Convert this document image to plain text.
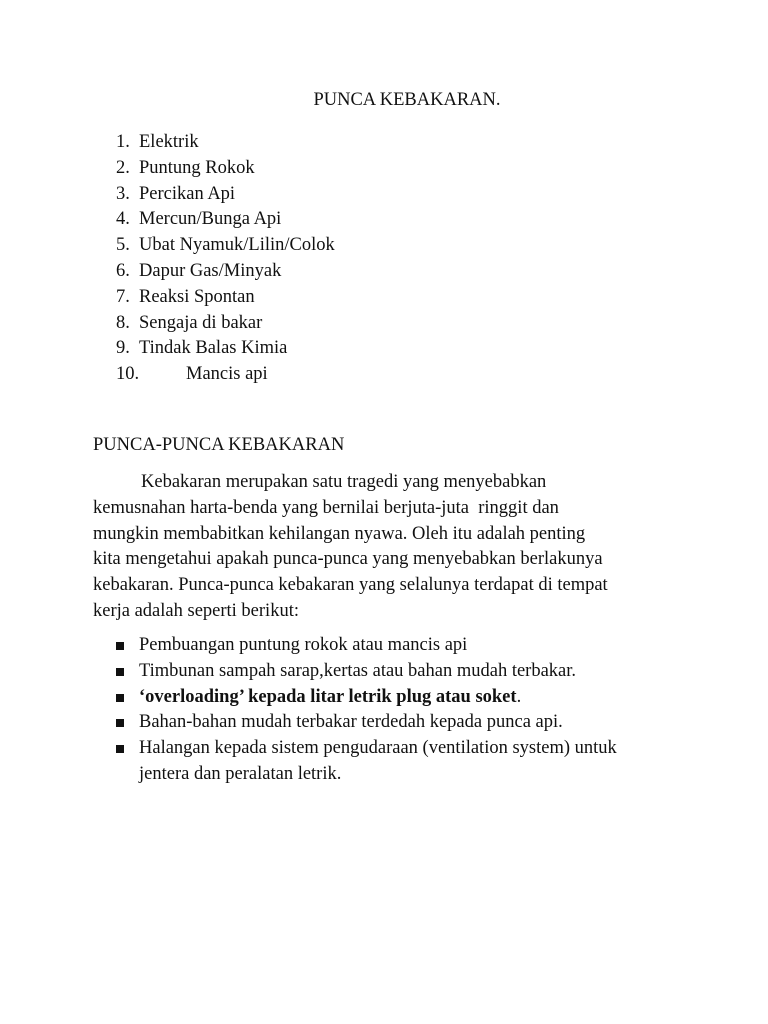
PUNCA KEBAKARAN.
1. Elektrik
2. Puntung Rokok
3. Percikan Api
4. Mercun/Bunga Api
5. Ubat Nyamuk/Lilin/Colok
6. Dapur Gas/Minyak
7. Reaksi Spontan
8. Sengaja di bakar
9. Tindak Balas Kimia
10.	Mancis api
PUNCA-PUNCA KEBAKARAN
Kebakaran merupakan satu tragedi yang menyebabkan
kemusnahan harta-benda yang bernilai berjuta-juta  ringgit dan
mungkin membabitkan kehilangan nyawa. Oleh itu adalah penting
kita mengetahui apakah punca-punca yang menyebabkan berlakunya
kebakaran. Punca-punca kebakaran yang selalunya terdapat di tempat
kerja adalah seperti berikut:
Pembuangan puntung rokok atau mancis api
Timbunan sampah sarap,kertas atau bahan mudah terbakar.
‘overloading’ kepada litar letrik plug atau soket.
Bahan-bahan mudah terbakar terdedah kepada punca api.
Halangan kepada sistem pengudaraan (ventilation system) untuk
jentera dan peralatan letrik.
